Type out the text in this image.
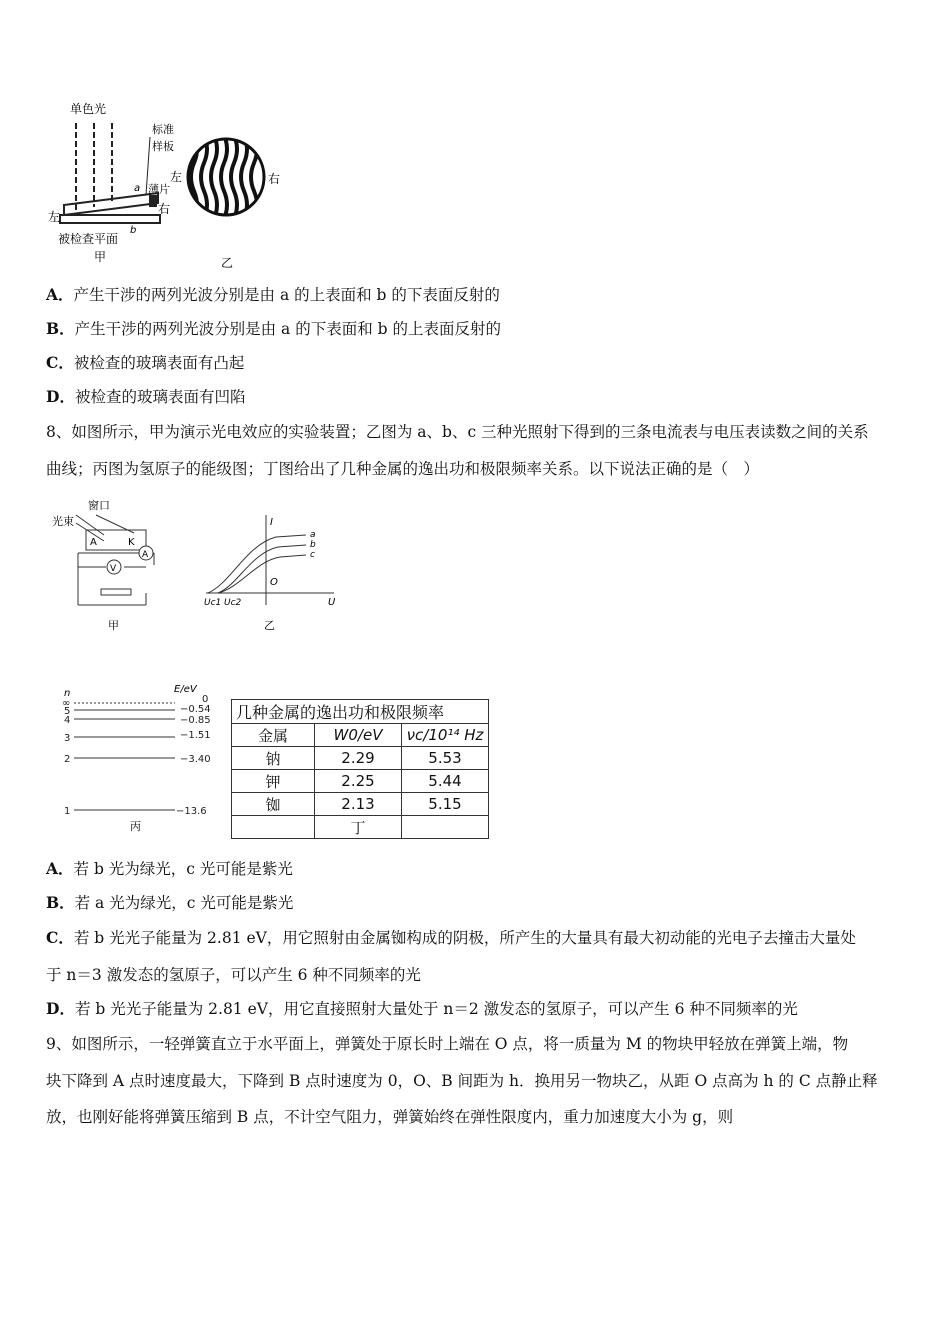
单色光
标准
样板
a
左
右
薄片
b
被检查平面
甲
左	右
乙
A．产生干涉的两列光波分别是由 a 的上表面和 b 的下表面反射的
B．产生干涉的两列光波分别是由 a 的下表面和 b 的上表面反射的
C．被检查的玻璃表面有凸起
D．被检查的玻璃表面有凹陷
8、如图所示，甲为演示光电效应的实验装置；乙图为 a、b、c 三种光照射下得到的三条电流表与电压表读数之间的关系
曲线；丙图为氢原子的能级图；丁图给出了几种金属的逸出功和极限频率关系。以下说法正确的是（　）
窗口
光束
A	K
A
V
甲
I
U
O
a
b
c
Uc1 Uc2
乙
n	E/eV
∞	0
5	−0.54
4	−0.85
3	−1.51
2	−3.40
1	−13.6
丙
几种金属的逸出功和极限频率		
金属	W0/eV	νc/10¹⁴ Hz
钠	2.29	5.53
钾	2.25	5.44
铷	2.13	5.15
	丁	
A．若 b 光为绿光，c 光可能是紫光
B．若 a 光为绿光，c 光可能是紫光
C．若 b 光光子能量为 2.81 eV，用它照射由金属铷构成的阴极，所产生的大量具有最大初动能的光电子去撞击大量处
于 n＝3 激发态的氢原子，可以产生 6 种不同频率的光
D．若 b 光光子能量为 2.81 eV，用它直接照射大量处于 n＝2 激发态的氢原子，可以产生 6 种不同频率的光
9、如图所示，一轻弹簧直立于水平面上，弹簧处于原长时上端在 O 点，将一质量为 M 的物块甲轻放在弹簧上端，物
块下降到 A 点时速度最大，下降到 B 点时速度为 0，O、B 间距为 h．换用另一物块乙，从距 O 点高为 h 的 C 点静止释
放，也刚好能将弹簧压缩到 B 点，不计空气阻力，弹簧始终在弹性限度内，重力加速度大小为 g，则
